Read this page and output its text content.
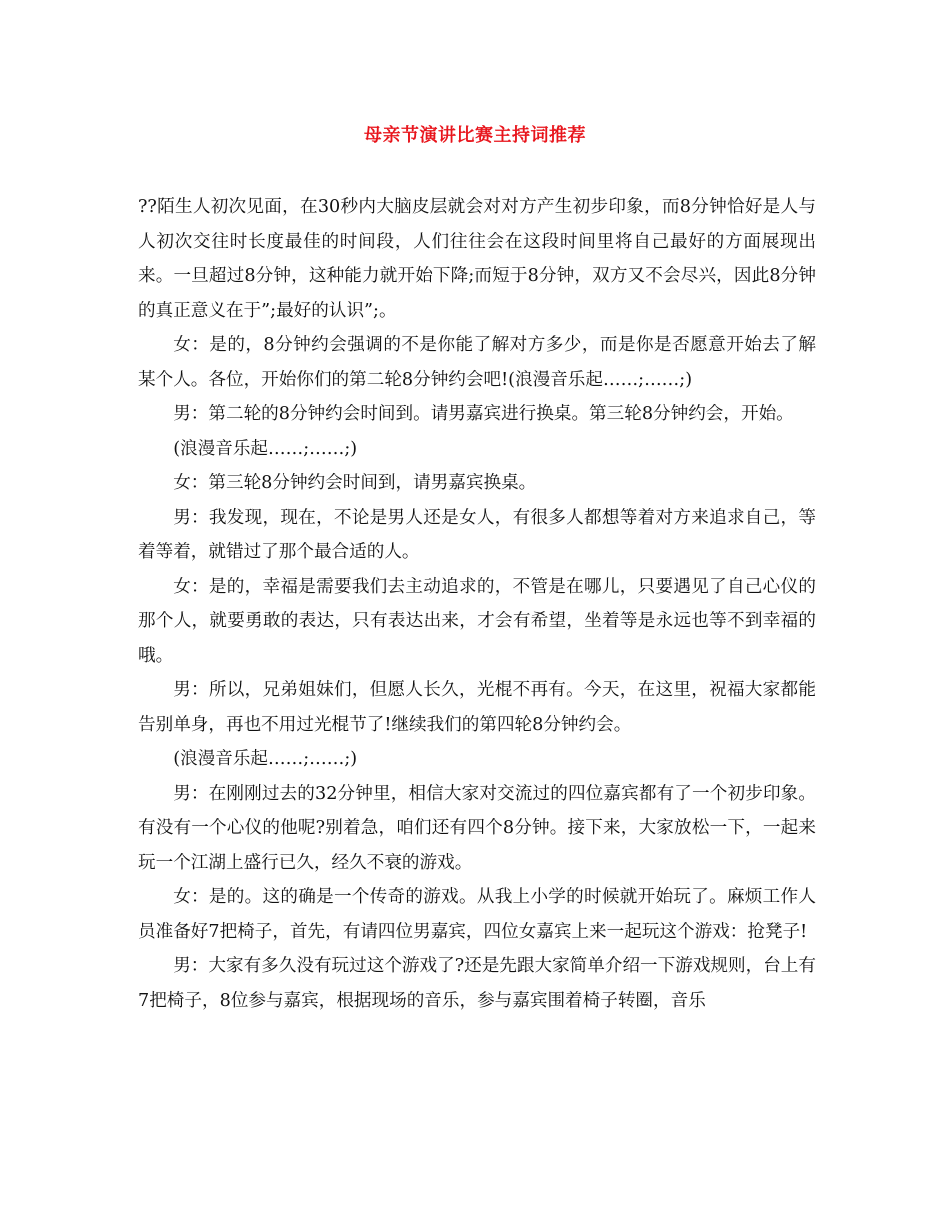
母亲节演讲比赛主持词推荐

??陌生人初次见面，在30秒内大脑皮层就会对对方产生初步印象，而8分钟恰好是人与人初次交往时长度最佳的时间段，人们往往会在这段时间里将自己最好的方面展现出来。一旦超过8分钟，这种能力就开始下降;而短于8分钟，双方又不会尽兴，因此8分钟的真正意义在于”;最好的认识”;。

女：是的，8分钟约会强调的不是你能了解对方多少，而是你是否愿意开始去了解某个人。各位，开始你们的第二轮8分钟约会吧!(浪漫音乐起……;……;)

男：第二轮的8分钟约会时间到。请男嘉宾进行换桌。第三轮8分钟约会，开始。

(浪漫音乐起……;……;)

女：第三轮8分钟约会时间到，请男嘉宾换桌。

男：我发现，现在，不论是男人还是女人，有很多人都想等着对方来追求自己，等着等着，就错过了那个最合适的人。

女：是的，幸福是需要我们去主动追求的，不管是在哪儿，只要遇见了自己心仪的那个人，就要勇敢的表达，只有表达出来，才会有希望，坐着等是永远也等不到幸福的哦。

男：所以，兄弟姐妹们，但愿人长久，光棍不再有。今天，在这里，祝福大家都能告别单身，再也不用过光棍节了!继续我们的第四轮8分钟约会。

(浪漫音乐起……;……;)

男：在刚刚过去的32分钟里，相信大家对交流过的四位嘉宾都有了一个初步印象。有没有一个心仪的他呢?别着急，咱们还有四个8分钟。接下来，大家放松一下，一起来玩一个江湖上盛行已久，经久不衰的游戏。

女：是的。这的确是一个传奇的游戏。从我上小学的时候就开始玩了。麻烦工作人员准备好7把椅子，首先，有请四位男嘉宾，四位女嘉宾上来一起玩这个游戏：抢凳子!

男：大家有多久没有玩过这个游戏了?还是先跟大家简单介绍一下游戏规则，台上有7把椅子，8位参与嘉宾，根据现场的音乐，参与嘉宾围着椅子转圈，音乐
